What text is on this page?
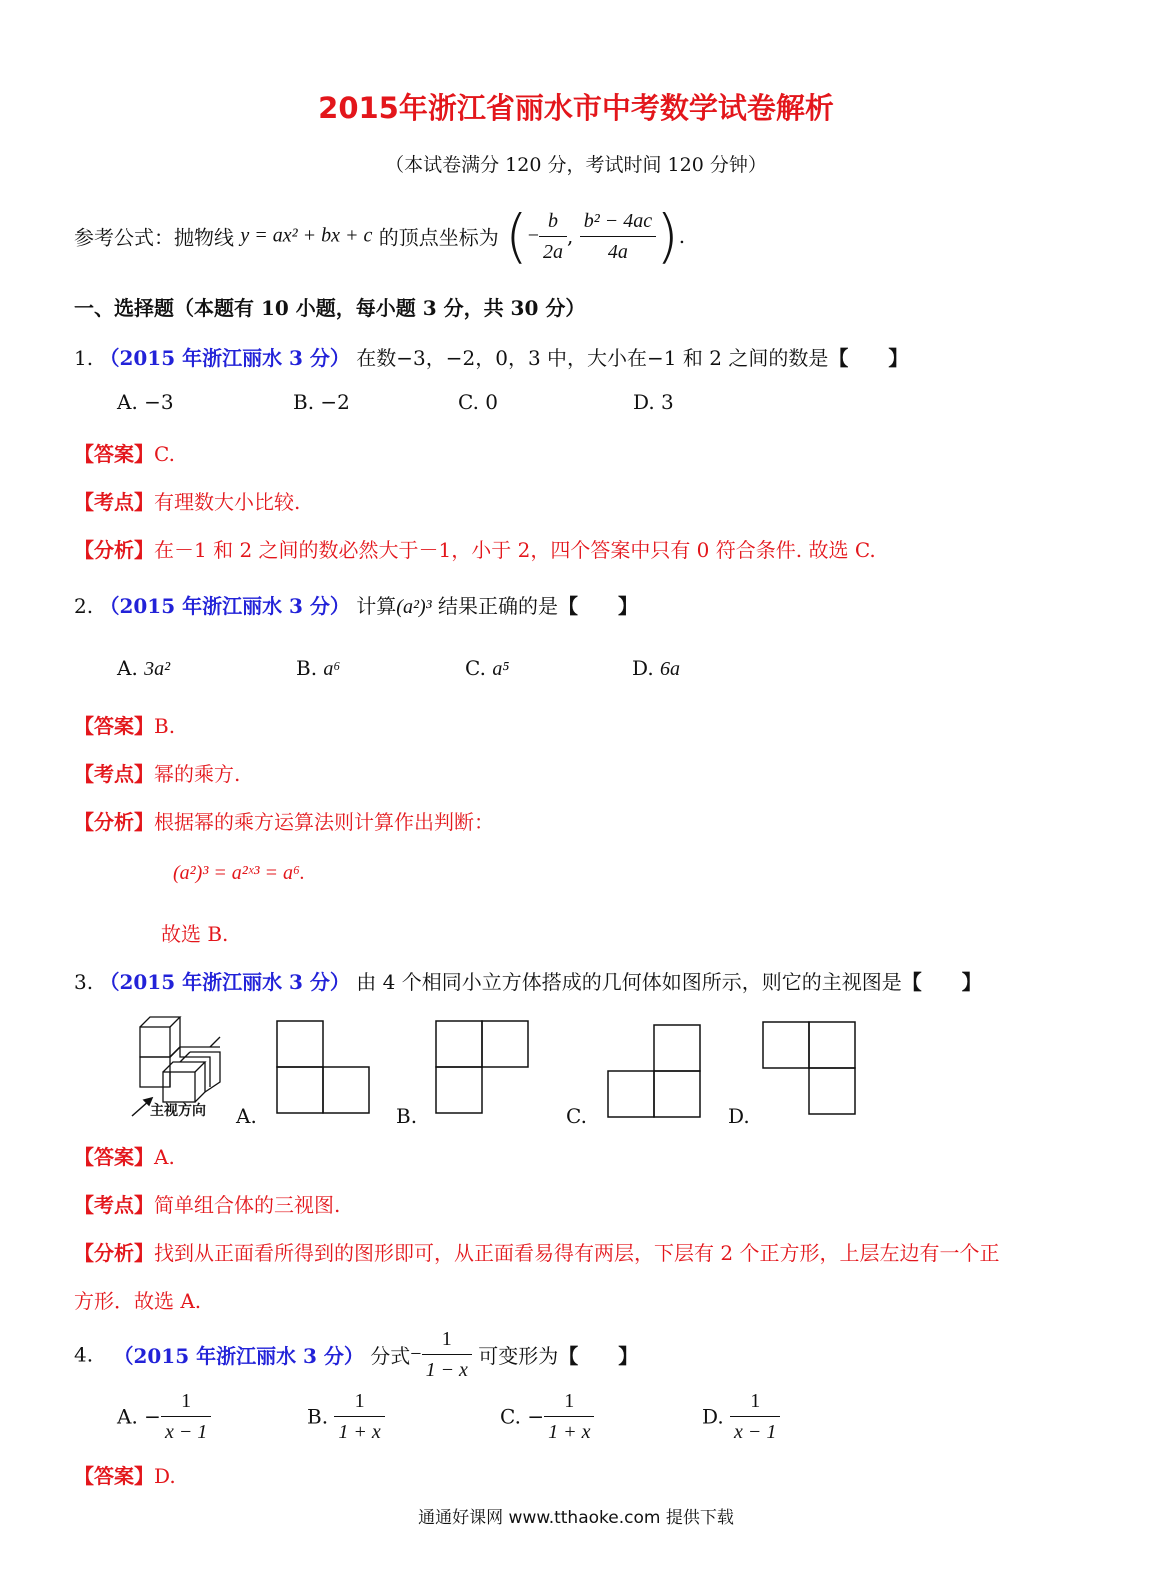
2015年浙江省丽水市中考数学试卷解析
（本试卷满分 120 分，考试时间 120 分钟）
参考公式：抛物线 y = ax² + bx + c 的顶点坐标为 (− $\frac{b}{2a}$ , $\frac{\text{b² − 4ac}}{4a}$ ).
一、选择题（本题有 10 小题，每小题 3 分，共 30 分）
1. （2015 年浙江丽水 3 分） 在数−3，−2，0，3 中，大小在−1 和 2 之间的数是【　　】
A. −3	B. −2	C. 0	D. 3
【答案】C.
【考点】有理数大小比较.
【分析】在－1 和 2 之间的数必然大于－1，小于 2，四个答案中只有 0 符合条件. 故选 C.
2. （2015 年浙江丽水 3 分） 计算(a²)³ 结果正确的是【　　】
A. 3a²	B. a⁶	C. a⁵	D. 6a
【答案】B.
【考点】幂的乘方.
【分析】根据幂的乘方运算法则计算作出判断：
(a²)³ = a²ˣ³ = a⁶.
故选 B.
3. （2015 年浙江丽水 3 分） 由 4 个相同小立方体搭成的几何体如图所示，则它的主视图是【　　】
主视方向 A.	B.	C.	D.
【答案】A.
【考点】简单组合体的三视图.
【分析】找到从正面看所得到的图形即可，从正面看易得有两层，下层有 2 个正方形，上层左边有一个正
方形．故选 A.
4. （2015 年浙江丽水 3 分） 分式− $\frac{1}{1 - x}$ 可变形为【　　】
A. − $\frac{1}{x - 1}$	B. $\frac{1}{1 + x}$	C. − $\frac{1}{1 + x}$	D. $\frac{1}{x - 1}$
【答案】D.
通通好课网 www.tthaoke.com 提供下载
